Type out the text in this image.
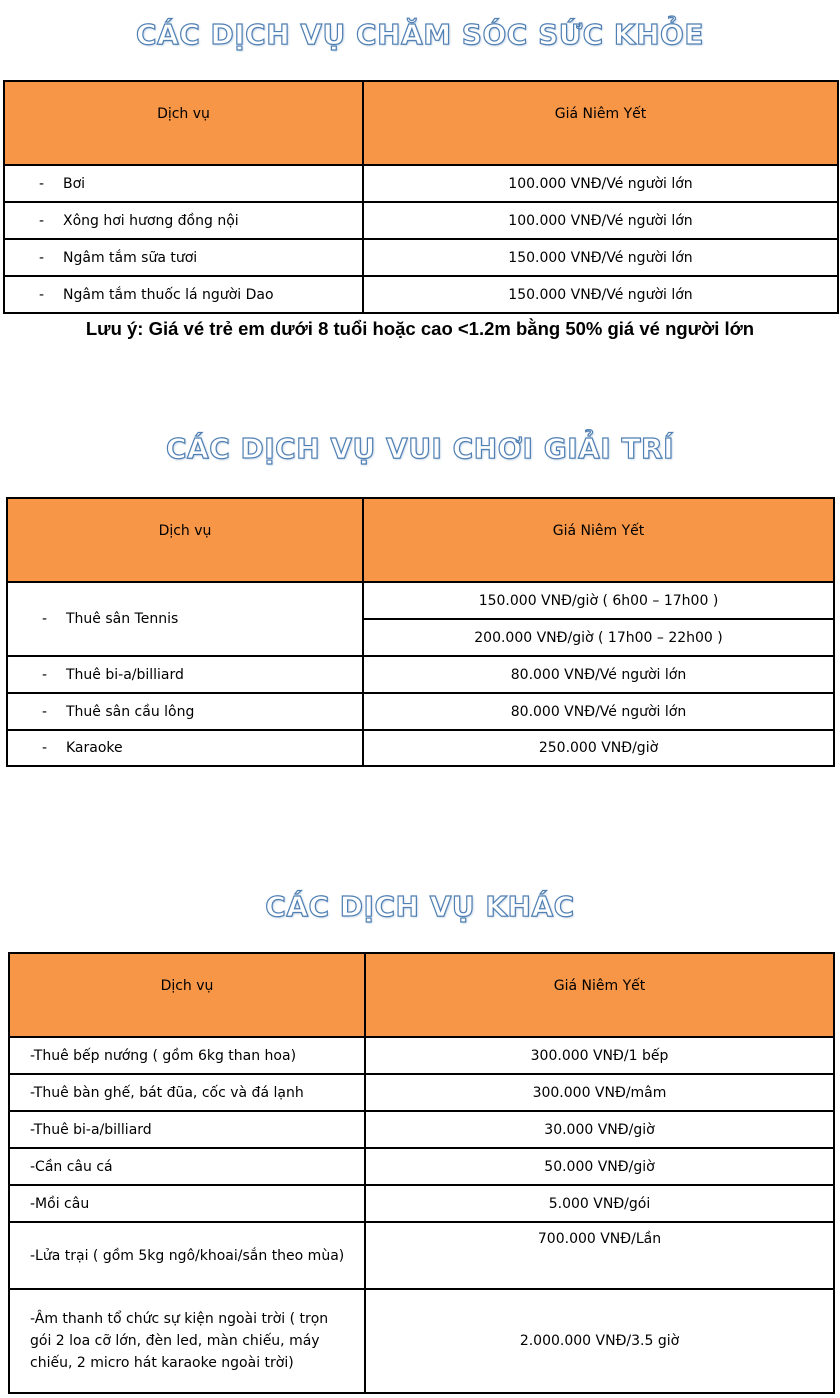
CÁC DỊCH VỤ CHĂM SÓC SỨC KHỎE
Dịch vụ	Giá Niêm Yết
- Bơi	100.000 VNĐ/Vé người lớn
- Xông hơi hương đồng nội	100.000 VNĐ/Vé người lớn
- Ngâm tắm sữa tươi	150.000 VNĐ/Vé người lớn
- Ngâm tắm thuốc lá người Dao	150.000 VNĐ/Vé người lớn
Lưu ý: Giá vé trẻ em dưới 8 tuổi hoặc cao <1.2m bằng 50% giá vé người lớn
CÁC DỊCH VỤ VUI CHƠI GIẢI TRÍ
Dịch vụ	Giá Niêm Yết
- Thuê sân Tennis	150.000 VNĐ/giờ ( 6h00 – 17h00 )
	200.000 VNĐ/giờ ( 17h00 – 22h00 )
- Thuê bi-a/billiard	80.000 VNĐ/Vé người lớn
- Thuê sân cầu lông	80.000 VNĐ/Vé người lớn
- Karaoke	250.000 VNĐ/giờ
CÁC DỊCH VỤ KHÁC
Dịch vụ	Giá Niêm Yết
-Thuê bếp nướng ( gồm 6kg than hoa)	300.000 VNĐ/1 bếp
-Thuê bàn ghế, bát đũa, cốc và đá lạnh	300.000 VNĐ/mâm
-Thuê bi-a/billiard	30.000 VNĐ/giờ
-Cần câu cá	50.000 VNĐ/giờ
-Mồi câu	5.000 VNĐ/gói
-Lửa trại ( gồm 5kg ngô/khoai/sắn theo mùa)	700.000 VNĐ/Lần
-Âm thanh tổ chức sự kiện ngoài trời ( trọn gói 2 loa cỡ lớn, đèn led, màn chiếu, máy chiếu, 2 micro hát karaoke ngoài trời)	2.000.000 VNĐ/3.5 giờ
